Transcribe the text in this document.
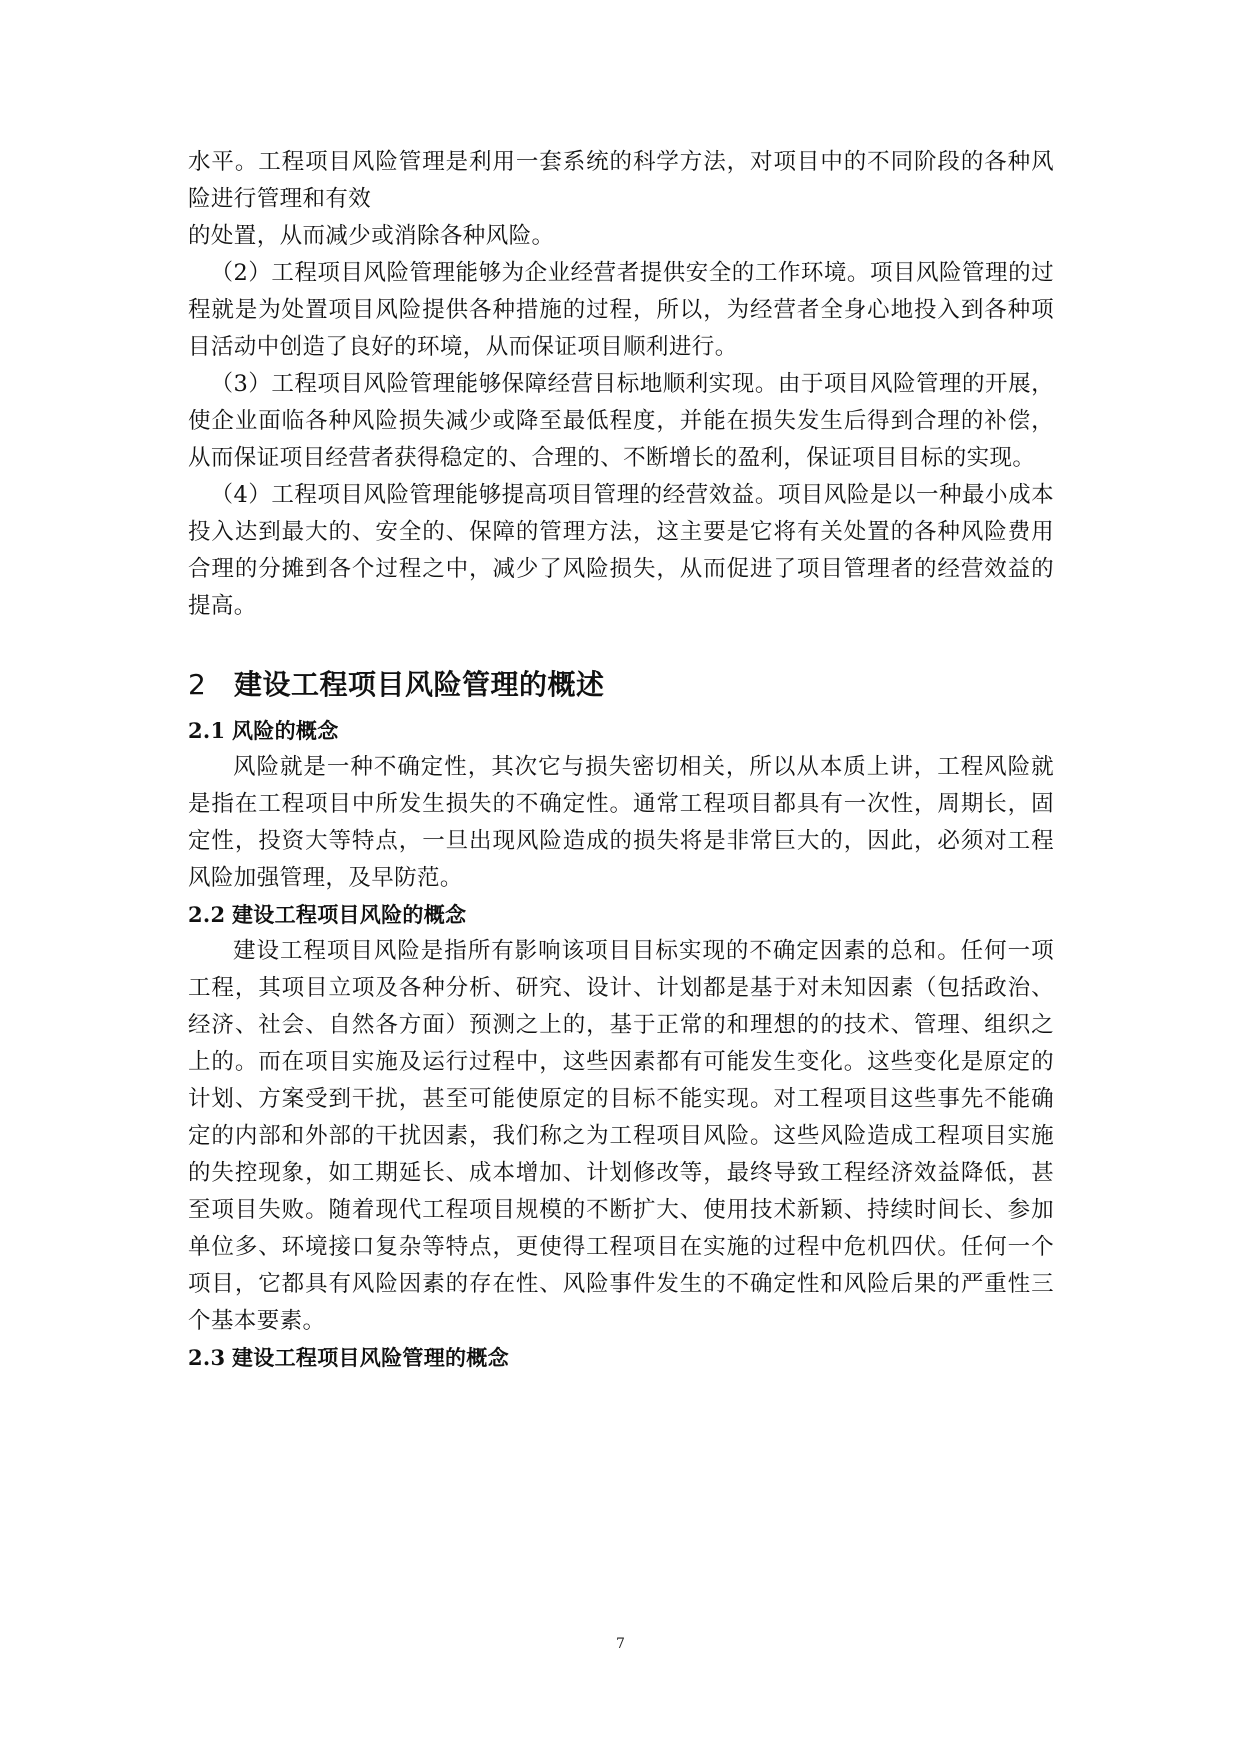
水平。工程项目风险管理是利用一套系统的科学方法，对项目中的不同阶段的各种风险进行管理和有效

的处置，从而减少或消除各种风险。

（2）工程项目风险管理能够为企业经营者提供安全的工作环境。项目风险管理的过程就是为处置项目风险提供各种措施的过程，所以，为经营者全身心地投入到各种项目活动中创造了良好的环境，从而保证项目顺利进行。

（3）工程项目风险管理能够保障经营目标地顺利实现。由于项目风险管理的开展，使企业面临各种风险损失减少或降至最低程度，并能在损失发生后得到合理的补偿，从而保证项目经营者获得稳定的、合理的、不断增长的盈利，保证项目目标的实现。

（4）工程项目风险管理能够提高项目管理的经营效益。项目风险是以一种最小成本投入达到最大的、安全的、保障的管理方法，这主要是它将有关处置的各种风险费用合理的分摊到各个过程之中，减少了风险损失，从而促进了项目管理者的经营效益的提高。

2 建设工程项目风险管理的概述
2.1 风险的概念

风险就是一种不确定性，其次它与损失密切相关，所以从本质上讲，工程风险就是指在工程项目中所发生损失的不确定性。通常工程项目都具有一次性，周期长，固定性，投资大等特点，一旦出现风险造成的损失将是非常巨大的，因此，必须对工程风险加强管理，及早防范。

2.2 建设工程项目风险的概念

建设工程项目风险是指所有影响该项目目标实现的不确定因素的总和。任何一项工程，其项目立项及各种分析、研究、设计、计划都是基于对未知因素（包括政治、经济、社会、自然各方面）预测之上的，基于正常的和理想的的技术、管理、组织之上的。而在项目实施及运行过程中，这些因素都有可能发生变化。这些变化是原定的计划、方案受到干扰，甚至可能使原定的目标不能实现。对工程项目这些事先不能确定的内部和外部的干扰因素，我们称之为工程项目风险。这些风险造成工程项目实施的失控现象，如工期延长、成本增加、计划修改等，最终导致工程经济效益降低，甚至项目失败。随着现代工程项目规模的不断扩大、使用技术新颖、持续时间长、参加单位多、环境接口复杂等特点，更使得工程项目在实施的过程中危机四伏。任何一个项目，它都具有风险因素的存在性、风险事件发生的不确定性和风险后果的严重性三个基本要素。

2.3 建设工程项目风险管理的概念
7
